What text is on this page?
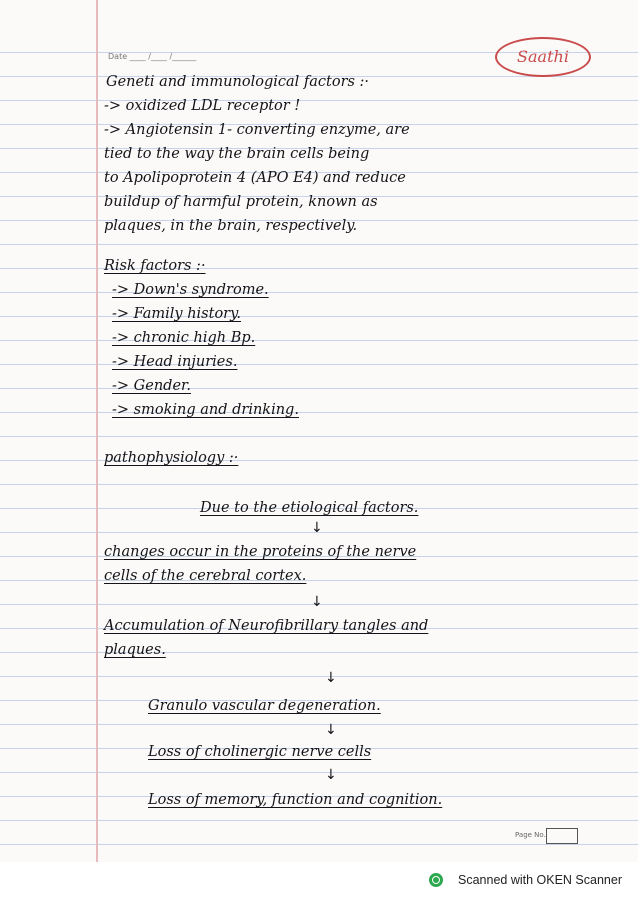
Date ____ /____ /______	Saathi

Geneti and immunological factors :·

-> oxidized LDL receptor !

-> Angiotensin 1- converting enzyme, are

tied to the way the brain cells being

to Apolipoprotein 4 (APO E4) and reduce

buildup of harmful protein, known as

plaques, in the brain, respectively.

Risk factors :·

-> Down's syndrome.

-> Family history.

-> chronic high Bp.

-> Head injuries.

-> Gender.

-> smoking and drinking.

pathophysiology :·

Due to the etiological factors.

↓

changes occur in the proteins of the nerve

cells of the cerebral cortex.

↓

Accumulation of Neurofibrillary tangles and

plaques.

↓

Granulo vascular degeneration.

↓

Loss of cholinergic nerve cells

↓

Loss of memory, function and cognition.

Page No.
Scanned with OKEN Scanner
